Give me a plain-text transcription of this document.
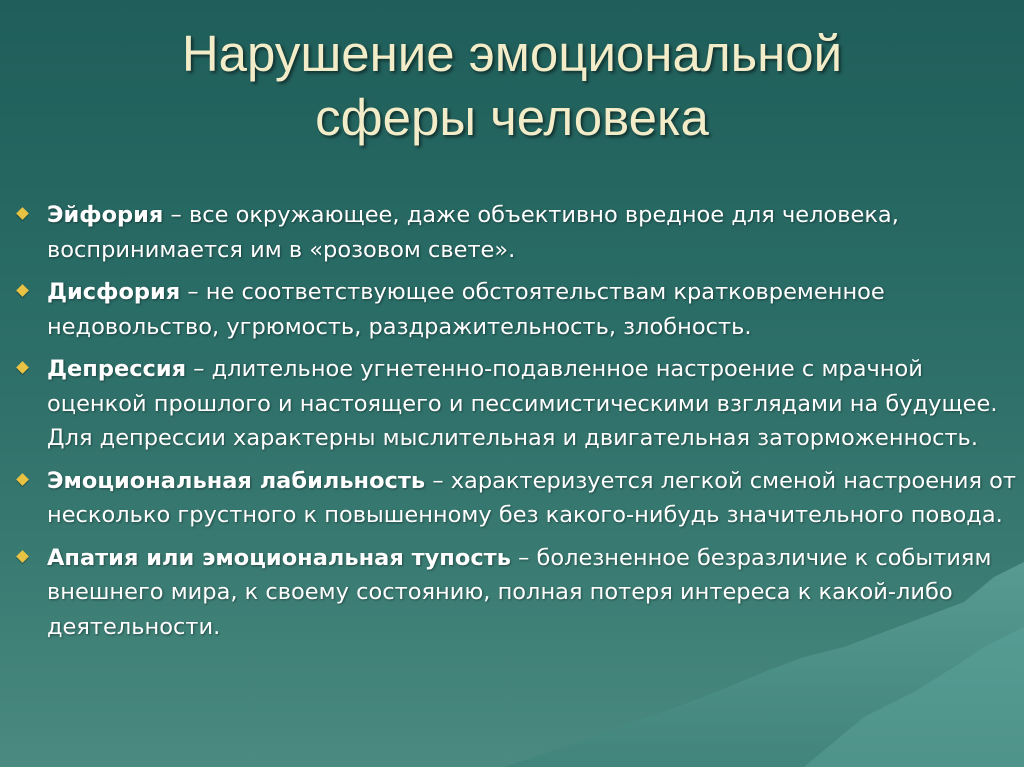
Нарушение эмоциональной
сферы человека
Эйфория – все окружающее, даже объективно вредное для человека, воспринимается им в «розовом свете».
Дисфория – не соответствующее обстоятельствам кратковременное недовольство, угрюмость, раздражительность, злобность.
Депрессия – длительное угнетенно-подавленное настроение с мрачной оценкой прошлого и настоящего и пессимистическими взглядами на будущее. Для депрессии характерны мыслительная и двигательная заторможенность.
Эмоциональная лабильность – характеризуется легкой сменой настроения от несколько грустного к повышенному без какого-нибудь значительного повода.
Апатия или эмоциональная тупость – болезненное безразличие к событиям внешнего мира, к своему состоянию, полная потеря интереса к какой-либо деятельности.
